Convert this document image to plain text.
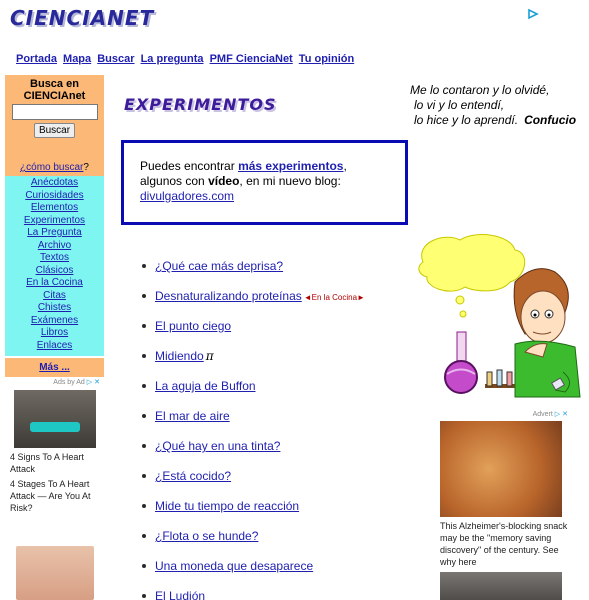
CIENCIANET
Portada Mapa Buscar La pregunta PMF CienciaNet Tu opinión
Busca en
CIENCIAnet
Buscar
¿cómo buscar?
Anécdotas
Curiosidades
Elementos
Experimentos
La Pregunta
Archivo
Textos
Clásicos
En la Cocina
Citas
Chistes
Exámenes
Libros
Enlaces
Más ...
Ads by Ad ▷ ✕
4 Signs To A Heart Attack
4 Stages To A Heart Attack — Are You At Risk?
EXPERIMENTOS
Me lo contaron y lo olvidé,
lo vi y lo entendí,
lo hice y lo aprendí. Confucio
Puedes encontrar más experimentos,
algunos con vídeo, en mi nuevo blog:
divulgadores.com
¿Qué cae más deprisa?
Desnaturalizando proteínas ◄En la Cocina►
El punto ciego
Midiendo π
La aguja de Buffon
El mar de aire
¿Qué hay en una tinta?
¿Está cocido?
Mide tu tiempo de reacción
¿Flota o se hunde?
Una moneda que desaparece
El Ludión
Advert ▷ ✕
This Alzheimer's-blocking snack may be the "memory saving discovery" of the century. See why here
